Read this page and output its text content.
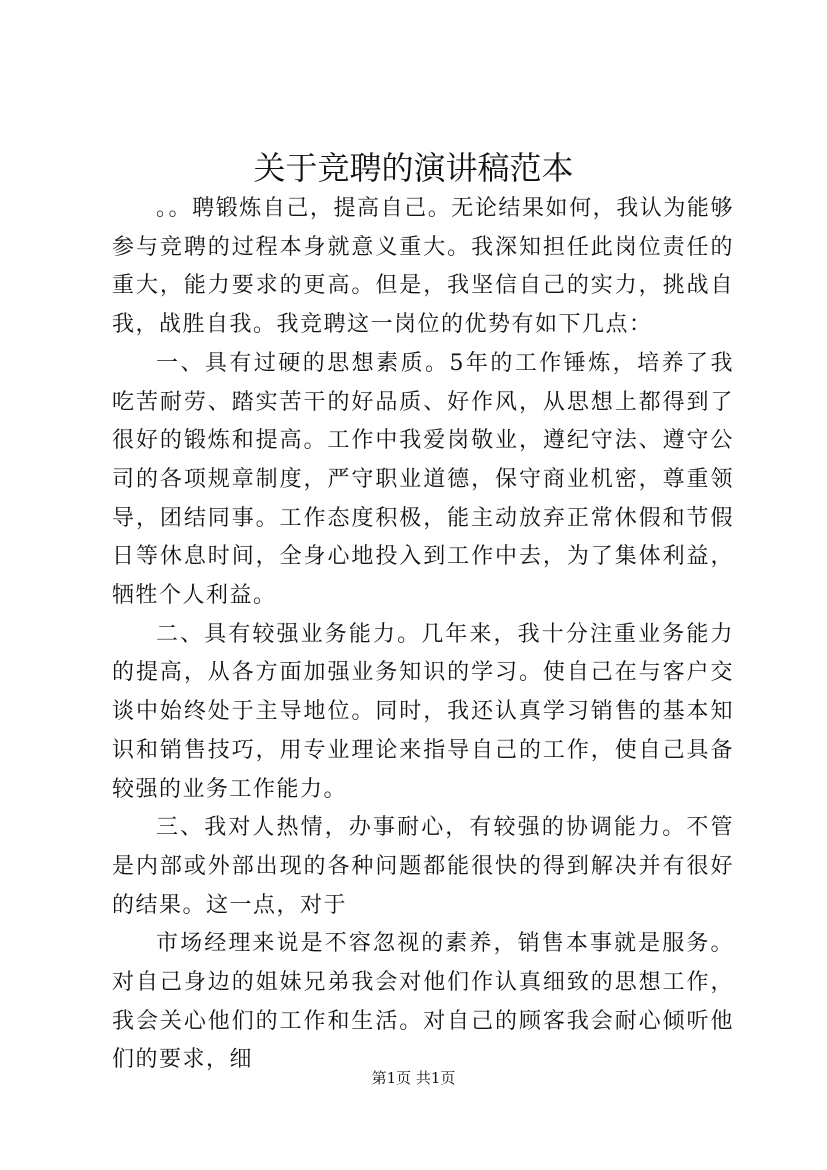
关于竞聘的演讲稿范本

。。聘锻炼自己，提高自己。无论结果如何，我认为能够参与竞聘的过程本身就意义重大。我深知担任此岗位责任的重大，能力要求的更高。但是，我坚信自己的实力，挑战自我，战胜自我。我竞聘这一岗位的优势有如下几点：

一、具有过硬的思想素质。5年的工作锤炼，培养了我吃苦耐劳、踏实苦干的好品质、好作风，从思想上都得到了很好的锻炼和提高。工作中我爱岗敬业，遵纪守法、遵守公司的各项规章制度，严守职业道德，保守商业机密，尊重领导，团结同事。工作态度积极，能主动放弃正常休假和节假日等休息时间，全身心地投入到工作中去，为了集体利益，牺牲个人利益。

二、具有较强业务能力。几年来，我十分注重业务能力的提高，从各方面加强业务知识的学习。使自己在与客户交谈中始终处于主导地位。同时，我还认真学习销售的基本知识和销售技巧，用专业理论来指导自己的工作，使自己具备较强的业务工作能力。

三、我对人热情，办事耐心，有较强的协调能力。不管是内部或外部出现的各种问题都能很快的得到解决并有很好的结果。这一点，对于

市场经理来说是不容忽视的素养，销售本事就是服务。对自己身边的姐妹兄弟我会对他们作认真细致的思想工作，我会关心他们的工作和生活。对自己的顾客我会耐心倾听他们的要求，细

第1页 共1页
